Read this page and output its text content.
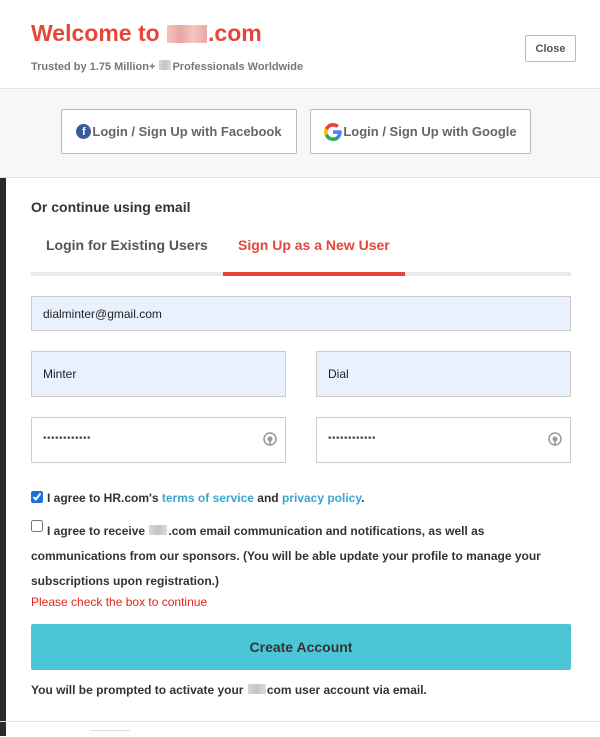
Welcome to .com
Trusted by 1.75 Million+ Professionals Worldwide
Close
f Login / Sign Up with Facebook	Login / Sign Up with Google
Or continue using email
Login for Existing Users Sign Up as a New User
dialminter@gmail.com
Minter
Dial
••••••••••••	••••••••••••
I agree to HR.com's terms of service and privacy policy.
I agree to receive .com email communication and notifications, as well as communications from our sponsors. (You will be able update your profile to manage your subscriptions upon registration.)

Please check the box to continue

Create Account

You will be prompted to activate your com user account via email.
